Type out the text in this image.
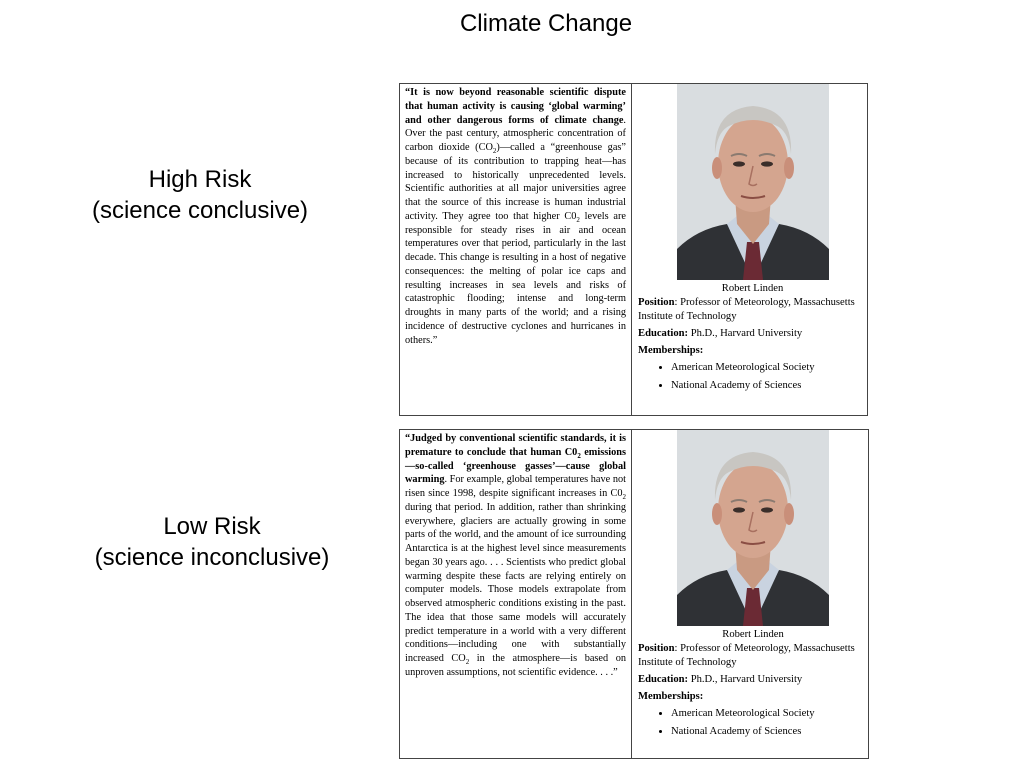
Climate Change
High Risk
(science conclusive)
“It is now beyond reasonable scientific dispute that human activity is causing ‘global warming’ and other dangerous forms of climate change. Over the past century, atmospheric concentration of carbon dioxide $(CO_2)—called$ a “greenhouse gas” because of its contribution to trapping heat—has increased to historically unprecedented levels. Scientific authorities at all major universities agree that the source of this increase is human industrial activity. They agree too that higher $C0_2$ levels are responsible for steady rises in air and ocean temperatures over that period, particularly in the last decade. This change is resulting in a host of negative consequences: the melting of polar ice caps and resulting increases in sea levels and risks of catastrophic flooding; intense and long-term droughts in many parts of the world; and a rising incidence of destructive cyclones and hurricanes in others.”
Robert Linden

Position: Professor of Meteorology, Massachusetts Institute of Technology

Education: Ph.D., Harvard University

Memberships:

• American Meteorological Society
• National Academy of Sciences
Low Risk
(science inconclusive)
“Judged by conventional scientific standards, it is premature to conclude that human $C0_2$ emissions—so-called ‘greenhouse gasses’—cause global warming. For example, global temperatures have not risen since 1998, despite significant increases in $C0_2$ during that period. In addition, rather than shrinking everywhere, glaciers are actually growing in some parts of the world, and the amount of ice surrounding Antarctica is at the highest level since measurements began 30 years ago. . . . Scientists who predict global warming despite these facts are relying entirely on computer models. Those models extrapolate from observed atmospheric conditions existing in the past. The idea that those same models will accurately predict temperature in a world with a very different conditions—including one with substantially increased $CO_2$ in the atmosphere—is based on unproven assumptions, not scientific evidence. . . .”
Robert Linden

Position: Professor of Meteorology, Massachusetts Institute of Technology

Education: Ph.D., Harvard University

Memberships:

• American Meteorological Society
• National Academy of Sciences
